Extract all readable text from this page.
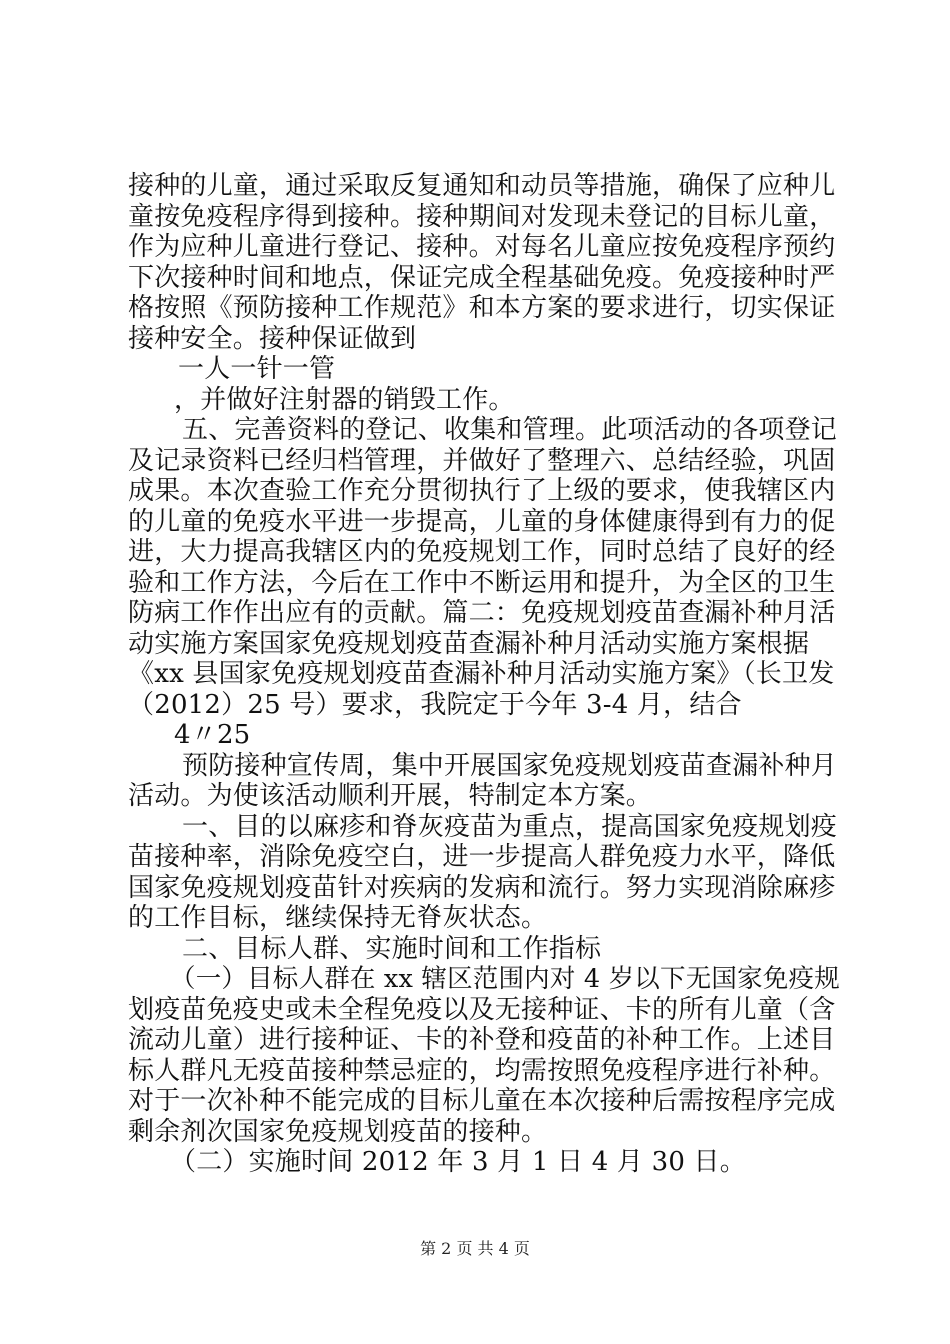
接种的儿童，通过采取反复通知和动员等措施，确保了应种儿
童按免疫程序得到接种。接种期间对发现未登记的目标儿童，
作为应种儿童进行登记、接种。对每名儿童应按免疫程序预约
下次接种时间和地点，保证完成全程基础免疫。免疫接种时严
格按照《预防接种工作规范》和本方案的要求进行，切实保证
接种安全。接种保证做到
一人一针一管
，并做好注射器的销毁工作。
五、完善资料的登记、收集和管理。此项活动的各项登记
及记录资料已经归档管理，并做好了整理六、总结经验，巩固
成果。本次查验工作充分贯彻执行了上级的要求，使我辖区内
的儿童的免疫水平进一步提高，儿童的身体健康得到有力的促
进，大力提高我辖区内的免疫规划工作，同时总结了良好的经
验和工作方法，今后在工作中不断运用和提升，为全区的卫生
防病工作作出应有的贡献。篇二：免疫规划疫苗查漏补种月活
动实施方案国家免疫规划疫苗查漏补种月活动实施方案根据
《xx 县国家免疫规划疫苗查漏补种月活动实施方案》（长卫发
（2012）25 号）要求，我院定于今年 3-4 月，结合
4〃25
预防接种宣传周，集中开展国家免疫规划疫苗查漏补种月
活动。为使该活动顺利开展，特制定本方案。
一、目的以麻疹和脊灰疫苗为重点，提高国家免疫规划疫
苗接种率，消除免疫空白，进一步提高人群免疫力水平，降低
国家免疫规划疫苗针对疾病的发病和流行。努力实现消除麻疹
的工作目标，继续保持无脊灰状态。
二、目标人群、实施时间和工作指标
（一）目标人群在 xx 辖区范围内对 4 岁以下无国家免疫规
划疫苗免疫史或未全程免疫以及无接种证、卡的所有儿童（含
流动儿童）进行接种证、卡的补登和疫苗的补种工作。上述目
标人群凡无疫苗接种禁忌症的，均需按照免疫程序进行补种。
对于一次补种不能完成的目标儿童在本次接种后需按程序完成
剩余剂次国家免疫规划疫苗的接种。
（二）实施时间 2012 年 3 月 1 日 4 月 30 日。
第 2 页 共 4 页
